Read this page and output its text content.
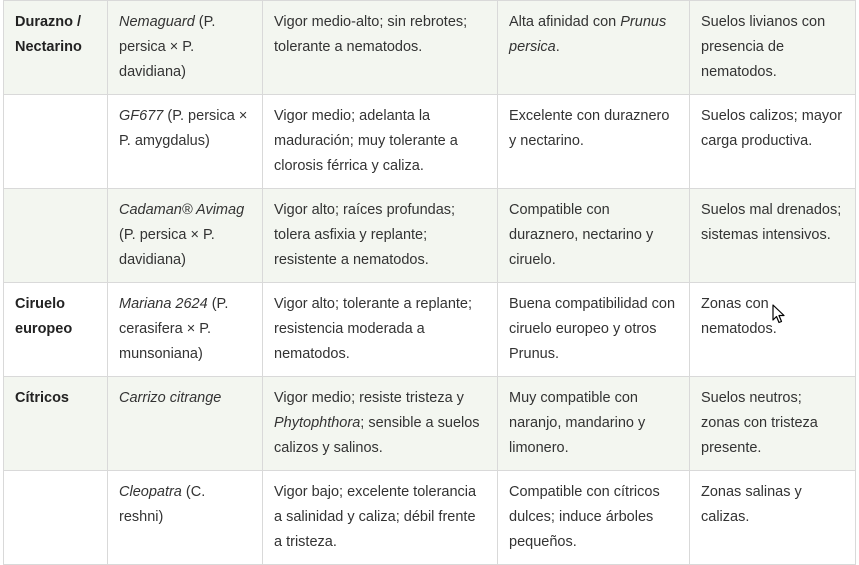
Durazno / Nectarino	Nemaguard (P. persica × P. davidiana)	Vigor medio-alto; sin rebrotes; tolerante a nematodos.	Alta afinidad con Prunus persica.	Suelos livianos con presencia de nematodos.
	GF677 (P. persica × P. amygdalus)	Vigor medio; adelanta la maduración; muy tolerante a clorosis férrica y caliza.	Excelente con duraznero y nectarino.	Suelos calizos; mayor carga productiva.
	Cadaman® Avimag (P. persica × P. davidiana)	Vigor alto; raíces profundas; tolera asfixia y replante; resistente a nematodos.	Compatible con duraznero, nectarino y ciruelo.	Suelos mal drenados; sistemas intensivos.
Ciruelo europeo	Mariana 2624 (P. cerasifera × P. munsoniana)	Vigor alto; tolerante a replante; resistencia moderada a nematodos.	Buena compatibilidad con ciruelo europeo y otros Prunus.	Zonas con nematodos.
Cítricos	Carrizo citrange	Vigor medio; resiste tristeza y Phytophthora; sensible a suelos calizos y salinos.	Muy compatible con naranjo, mandarino y limonero.	Suelos neutros; zonas con tristeza presente.
	Cleopatra (C. reshni)	Vigor bajo; excelente tolerancia a salinidad y caliza; débil frente a tristeza.	Compatible con cítricos dulces; induce árboles pequeños.	Zonas salinas y calizas.
